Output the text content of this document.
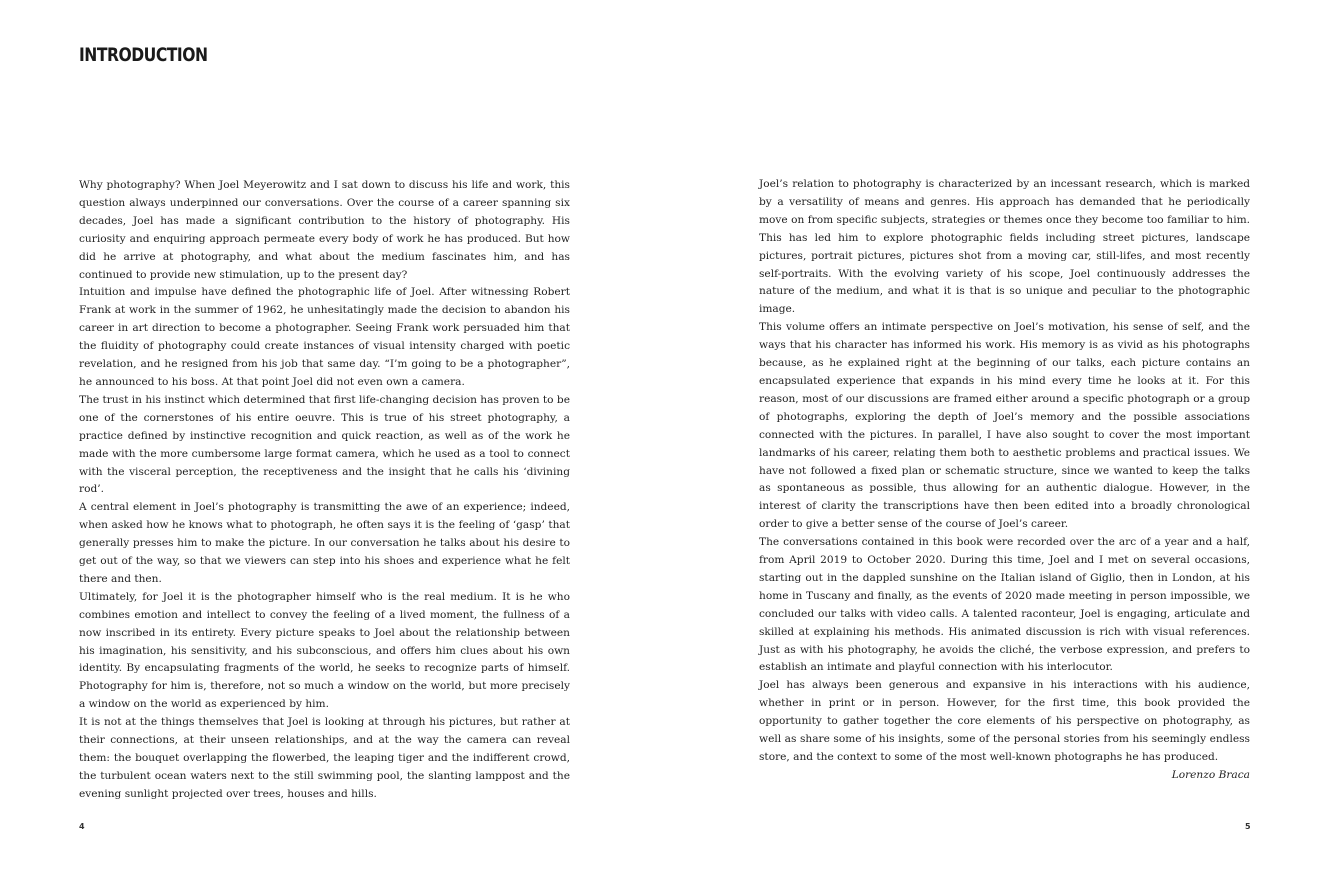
INTRODUCTION

Why photography? When Joel Meyerowitz and I sat down to discuss his life and work, this question always underpinned our conversations. Over the course of a career spanning six decades, Joel has made a significant contribution to the history of photography. His curiosity and enquiring approach permeate every body of work he has produced. But how did he arrive at photography, and what about the medium fascinates him, and has continued to provide new stimulation, up to the present day?

Intuition and impulse have defined the photographic life of Joel. After witnessing Robert Frank at work in the summer of 1962, he unhesitatingly made the decision to abandon his career in art direction to become a photographer. Seeing Frank work persuaded him that the fluidity of photography could create instances of visual intensity charged with poetic revelation, and he resigned from his job that same day. “I’m going to be a photographer”, he announced to his boss. At that point Joel did not even own a camera.

The trust in his instinct which determined that first life-changing decision has proven to be one of the cornerstones of his entire oeuvre. This is true of his street photography, a practice defined by instinctive recognition and quick reaction, as well as of the work he made with the more cumbersome large format camera, which he used as a tool to connect with the visceral perception, the receptiveness and the insight that he calls his ‘divining rod’.

A central element in Joel’s photography is transmitting the awe of an experience; indeed, when asked how he knows what to photograph, he often says it is the feeling of ‘gasp’ that generally presses him to make the picture. In our conversation he talks about his desire to get out of the way, so that we viewers can step into his shoes and experience what he felt there and then.

Ultimately, for Joel it is the photographer himself who is the real medium. It is he who combines emotion and intellect to convey the feeling of a lived moment, the fullness of a now inscribed in its entirety. Every picture speaks to Joel about the relationship between his imagination, his sensitivity, and his subconscious, and offers him clues about his own identity. By encapsulating fragments of the world, he seeks to recognize parts of himself. Photography for him is, therefore, not so much a window on the world, but more precisely a window on the world as experienced by him.

It is not at the things themselves that Joel is looking at through his pictures, but rather at their connections, at their unseen relationships, and at the way the camera can reveal them: the bouquet overlapping the flowerbed, the leaping tiger and the indifferent crowd, the turbulent ocean waters next to the still swimming pool, the slanting lamppost and the evening sunlight projected over trees, houses and hills.

Joel’s relation to photography is characterized by an incessant research, which is marked by a versatility of means and genres. His approach has demanded that he periodically move on from specific subjects, strategies or themes once they become too familiar to him. This has led him to explore photographic fields including street pictures, landscape pictures, portrait pictures, pictures shot from a moving car, still-lifes, and most recently self-portraits. With the evolving variety of his scope, Joel continuously addresses the nature of the medium, and what it is that is so unique and peculiar to the photographic image.

This volume offers an intimate perspective on Joel’s motivation, his sense of self, and the ways that his character has informed his work. His memory is as vivid as his photographs because, as he explained right at the beginning of our talks, each picture contains an encapsulated experience that expands in his mind every time he looks at it. For this reason, most of our discussions are framed either around a specific photograph or a group of photographs, exploring the depth of Joel’s memory and the possible associations connected with the pictures. In parallel, I have also sought to cover the most important landmarks of his career, relating them both to aesthetic problems and practical issues. We have not followed a fixed plan or schematic structure, since we wanted to keep the talks as spontaneous as possible, thus allowing for an authentic dialogue. However, in the interest of clarity the transcriptions have then been edited into a broadly chronological order to give a better sense of the course of Joel’s career.

The conversations contained in this book were recorded over the arc of a year and a half, from April 2019 to October 2020. During this time, Joel and I met on several occasions, starting out in the dappled sunshine on the Italian island of Giglio, then in London, at his home in Tuscany and finally, as the events of 2020 made meeting in person impossible, we concluded our talks with video calls. A talented raconteur, Joel is engaging, articulate and skilled at explaining his methods. His animated discussion is rich with visual references. Just as with his photography, he avoids the cliché, the verbose expression, and prefers to establish an intimate and playful connection with his interlocutor.

Joel has always been generous and expansive in his interactions with his audience, whether in print or in person. However, for the first time, this book provided the opportunity to gather together the core elements of his perspective on photography, as well as share some of his insights, some of the personal stories from his seemingly endless store, and the context to some of the most well-known photographs he has produced.

Lorenzo Braca

4	5
